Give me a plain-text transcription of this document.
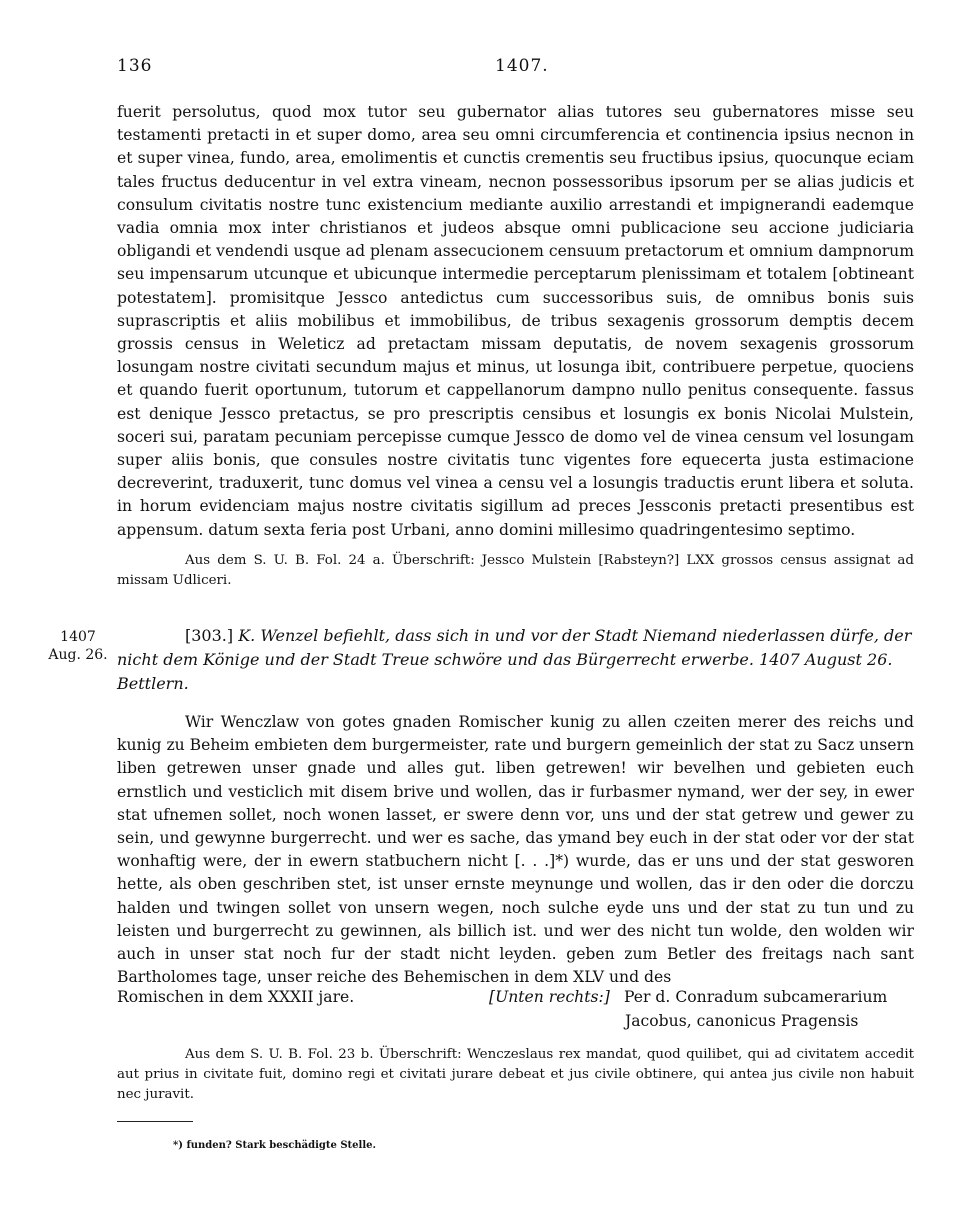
136	1407.

fuerit persolutus, quod mox tutor seu gubernator alias tutores seu gubernatores misse seu testamenti pretacti in et super domo, area seu omni circumferencia et continencia ipsius necnon in et super vinea, fundo, area, emolimentis et cunctis crementis seu fructibus ipsius, quocunque eciam tales fructus deducentur in vel extra vineam, necnon possessoribus ipsorum per se alias judicis et consulum civitatis nostre tunc existencium mediante auxilio arrestandi et impignerandi eademque vadia omnia mox inter christianos et judeos absque omni publicacione seu accione judiciaria obligandi et vendendi usque ad plenam assecucionem censuum pretactorum et omnium dampnorum seu impensarum utcunque et ubicunque intermedie perceptarum plenissimam et totalem [obtineant potestatem]. promisitque Jessco antedictus cum successoribus suis, de omnibus bonis suis suprascriptis et aliis mobilibus et immobilibus, de tribus sexagenis grossorum demptis decem grossis census in Weleticz ad pretactam missam deputatis, de novem sexagenis grossorum losungam nostre civitati secundum majus et minus, ut losunga ibit, contribuere perpetue, quociens et quando fuerit oportunum, tutorum et cappellanorum dampno nullo penitus consequente. fassus est denique Jessco pretactus, se pro prescriptis censibus et losungis ex bonis Nicolai Mulstein, soceri sui, paratam pecuniam percepisse cumque Jessco de domo vel de vinea censum vel losungam super aliis bonis, que consules nostre civitatis tunc vigentes fore equecerta justa estimacione decreverint, traduxerit, tunc domus vel vinea a censu vel a losungis traductis erunt libera et soluta. in horum evidenciam majus nostre civitatis sigillum ad preces Jessconis pretacti presentibus est appensum. datum sexta feria post Urbani, anno domini millesimo quadringentesimo septimo.

Aus dem S. U. B. Fol. 24 a. Überschrift: Jessco Mulstein [Rabsteyn?] LXX grossos census assignat ad missam Udliceri.
1407
Aug. 26.
[303.] K. Wenzel befiehlt, dass sich in und vor der Stadt Niemand niederlassen dürfe, der nicht dem Könige und der Stadt Treue schwöre und das Bürgerrecht erwerbe. 1407 August 26. Bettlern.

Wir Wenczlaw von gotes gnaden Romischer kunig zu allen czeiten merer des reichs und kunig zu Beheim embieten dem burgermeister, rate und burgern gemeinlich der stat zu Sacz unsern liben getrewen unser gnade und alles gut. liben getrewen! wir bevelhen und gebieten euch ernstlich und vesticlich mit disem brive und wollen, das ir furbasmer nymand, wer der sey, in ewer stat ufnemen sollet, noch wonen lasset, er swere denn vor, uns und der stat getrew und gewer zu sein, und gewynne burgerrecht. und wer es sache, das ymand bey euch in der stat oder vor der stat wonhaftig were, der in ewern statbuchern nicht [. . .]*) wurde, das er uns und der stat gesworen hette, als oben geschriben stet, ist unser ernste meynunge und wollen, das ir den oder die dorczu halden und twingen sollet von unsern wegen, noch sulche eyde uns und der stat zu tun und zu leisten und burgerrecht zu gewinnen, als billich ist. und wer des nicht tun wolde, den wolden wir auch in unser stat noch fur der stadt nicht leyden. geben zum Betler des freitags nach sant Bartholomes tage, unser reiche des Behemischen in dem XLV und des

Romischen in dem XXXII jare.	[Unten rechts:] Per d. Conradum subcamerarium
Jacobus, canonicus Pragensis
Aus dem S. U. B. Fol. 23 b. Überschrift: Wenczeslaus rex mandat, quod quilibet, qui ad civitatem accedit aut prius in civitate fuit, domino regi et civitati jurare debeat et jus civile obtinere, qui antea jus civile non habuit nec juravit.
*) funden? Stark beschädigte Stelle.
